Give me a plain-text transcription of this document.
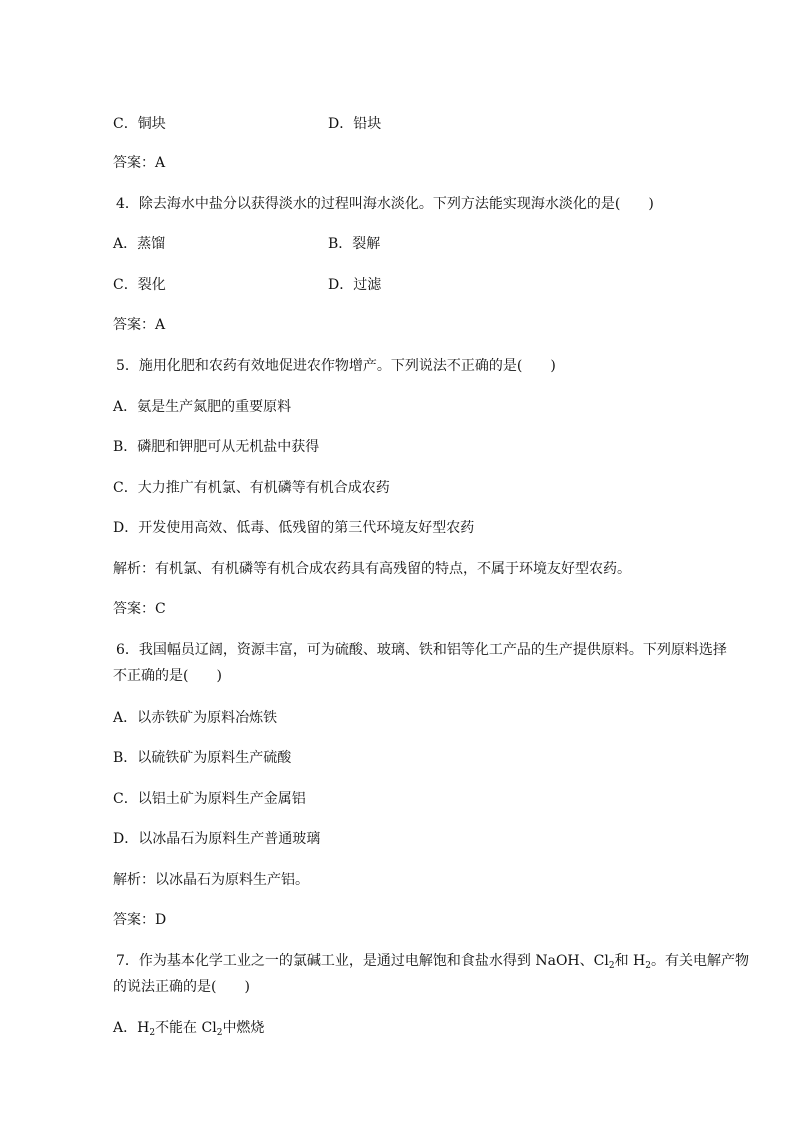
C．铜块	D．铅块
答案：A
4．除去海水中盐分以获得淡水的过程叫海水淡化。下列方法能实现海水淡化的是(　　)
A．蒸馏	B．裂解
C．裂化	D．过滤
答案：A
5．施用化肥和农药有效地促进农作物增产。下列说法不正确的是(　　)
A．氨是生产氮肥的重要原料
B．磷肥和钾肥可从无机盐中获得
C．大力推广有机氯、有机磷等有机合成农药
D．开发使用高效、低毒、低残留的第三代环境友好型农药
解析：有机氯、有机磷等有机合成农药具有高残留的特点，不属于环境友好型农药。
答案：C
6．我国幅员辽阔，资源丰富，可为硫酸、玻璃、铁和铝等化工产品的生产提供原料。下列原料选择
不正确的是(　　)
A．以赤铁矿为原料冶炼铁
B．以硫铁矿为原料生产硫酸
C．以铝土矿为原料生产金属铝
D．以冰晶石为原料生产普通玻璃
解析：以冰晶石为原料生产铝。
答案：D
7．作为基本化学工业之一的氯碱工业，是通过电解饱和食盐水得到 NaOH、$Cl_2$和 $H_2$。有关电解产物
的说法正确的是(　　)
A．$H_2$不能在 $Cl_2$中燃烧
